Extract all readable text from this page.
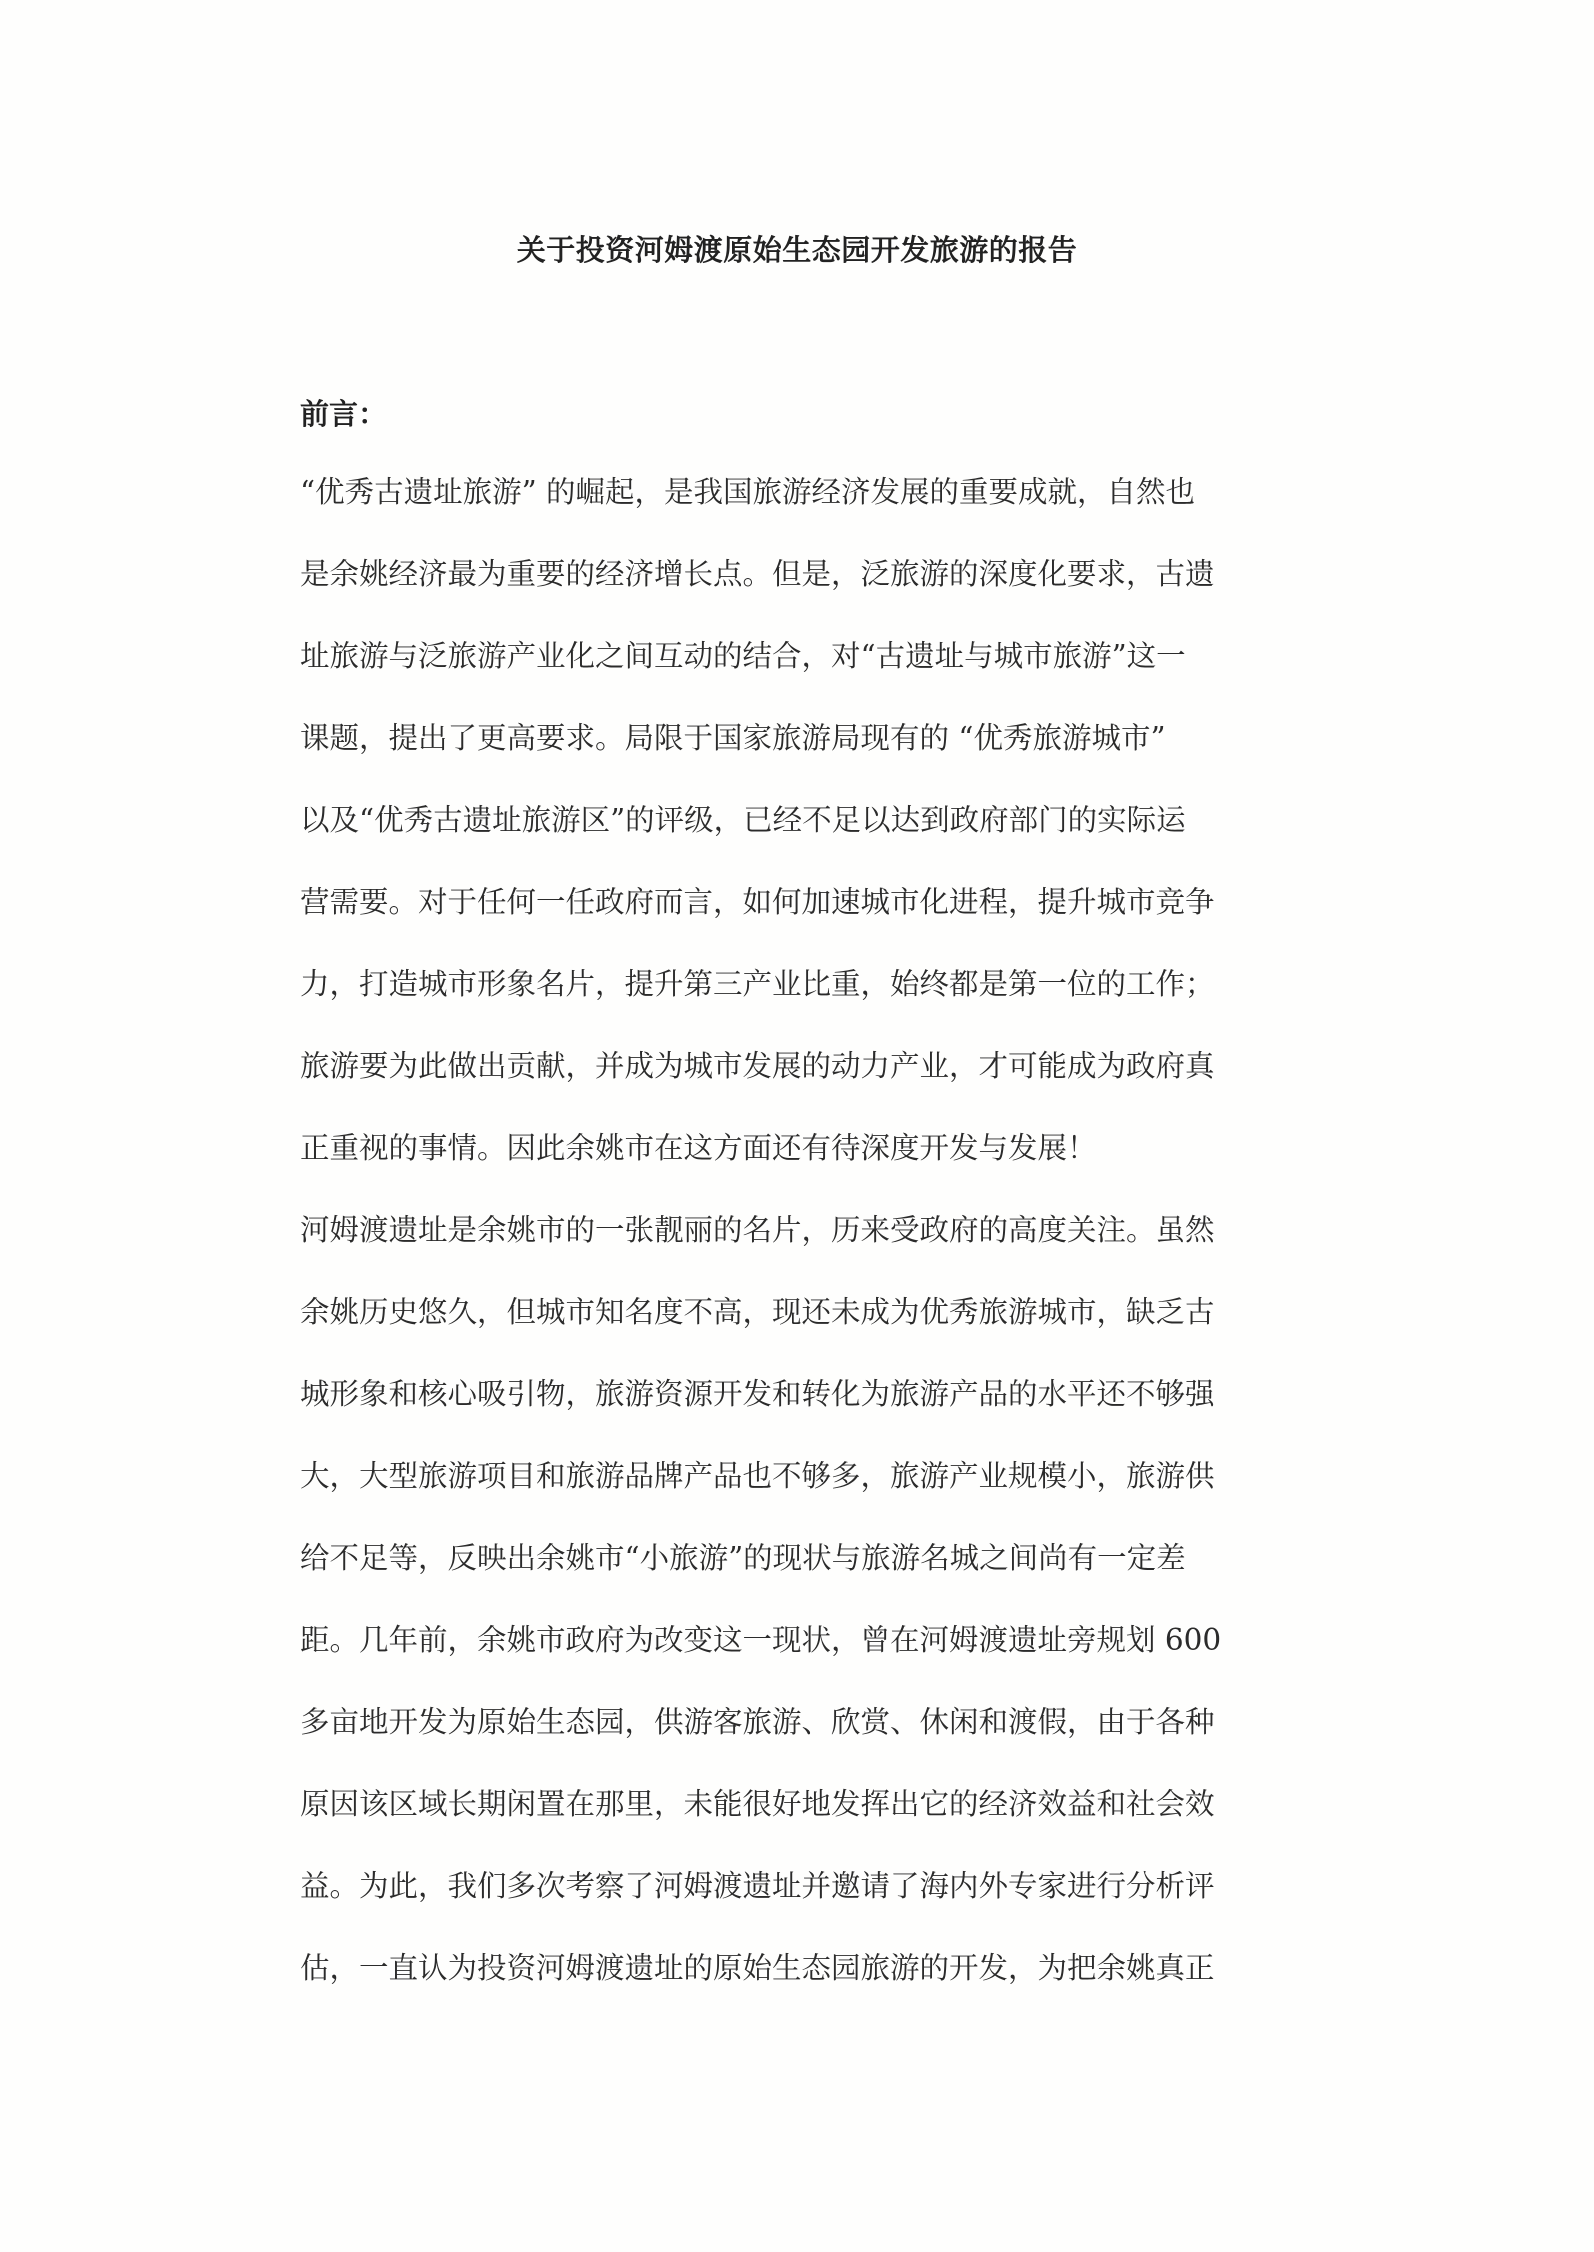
关于投资河姆渡原始生态园开发旅游的报告
前言：
“优秀古遗址旅游” 的崛起，是我国旅游经济发展的重要成就，自然也
是余姚经济最为重要的经济增长点。但是，泛旅游的深度化要求，古遗
址旅游与泛旅游产业化之间互动的结合，对“古遗址与城市旅游”这一
课题，提出了更高要求。局限于国家旅游局现有的 “优秀旅游城市”
以及“优秀古遗址旅游区”的评级，已经不足以达到政府部门的实际运
营需要。对于任何一任政府而言，如何加速城市化进程，提升城市竞争
力，打造城市形象名片，提升第三产业比重，始终都是第一位的工作；
旅游要为此做出贡献，并成为城市发展的动力产业，才可能成为政府真
正重视的事情。因此余姚市在这方面还有待深度开发与发展！
河姆渡遗址是余姚市的一张靓丽的名片，历来受政府的高度关注。虽然
余姚历史悠久，但城市知名度不高，现还未成为优秀旅游城市，缺乏古
城形象和核心吸引物，旅游资源开发和转化为旅游产品的水平还不够强
大，大型旅游项目和旅游品牌产品也不够多，旅游产业规模小，旅游供
给不足等，反映出余姚市“小旅游”的现状与旅游名城之间尚有一定差
距。几年前，余姚市政府为改变这一现状，曾在河姆渡遗址旁规划 600
多亩地开发为原始生态园，供游客旅游、欣赏、休闲和渡假，由于各种
原因该区域长期闲置在那里，未能很好地发挥出它的经济效益和社会效
益。为此，我们多次考察了河姆渡遗址并邀请了海内外专家进行分析评
估，一直认为投资河姆渡遗址的原始生态园旅游的开发，为把余姚真正
